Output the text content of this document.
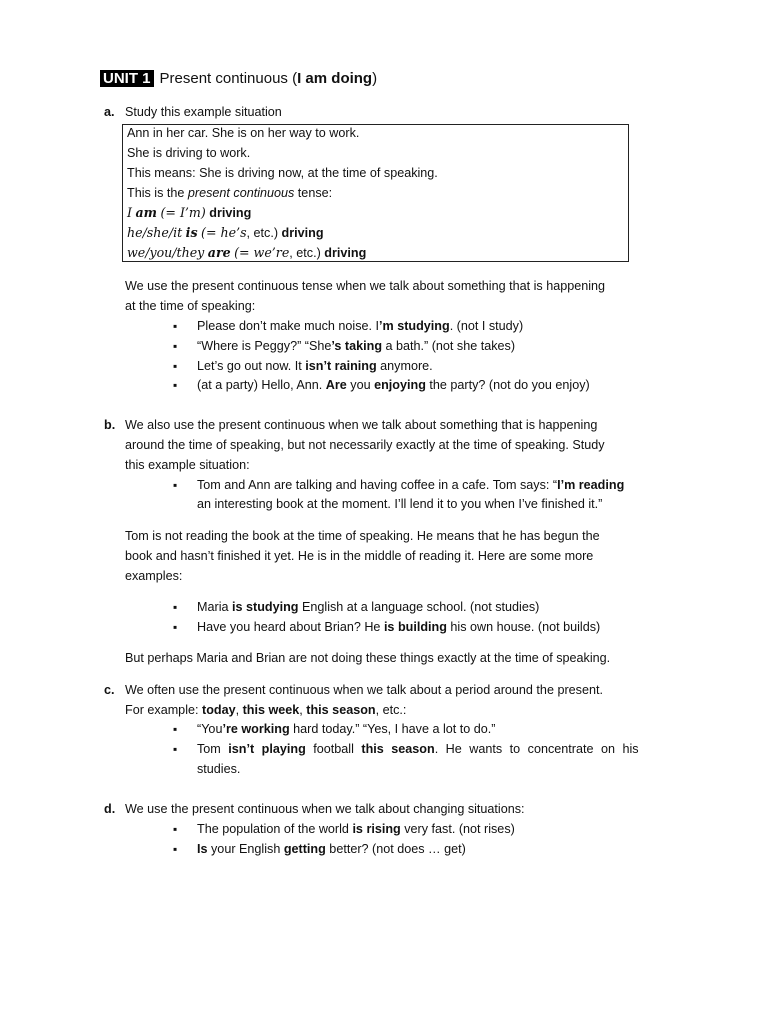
UNIT 1 Present continuous (I am doing)
a. Study this example situation
Ann in her car. She is on her way to work.
She is driving to work.
This means: She is driving now, at the time of speaking.
This is the present continuous tense:
I am (= I’m) driving
he/she/it is (= he’s, etc.) driving
we/you/they are (= we’re, etc.) driving
We use the present continuous tense when we talk about something that is happening
at the time of speaking:
▪ Please don’t make much noise. I’m studying. (not I study)
▪ “Where is Peggy?” “She’s taking a bath.” (not she takes)
▪ Let’s go out now. It isn’t raining anymore.
▪ (at a party) Hello, Ann. Are you enjoying the party? (not do you enjoy)
b. We also use the present continuous when we talk about something that is happening
around the time of speaking, but not necessarily exactly at the time of speaking. Study
this example situation:
▪ Tom and Ann are talking and having coffee in a cafe. Tom says: “I’m reading
an interesting book at the moment. I’ll lend it to you when I’ve finished it.”
Tom is not reading the book at the time of speaking. He means that he has begun the
book and hasn’t finished it yet. He is in the middle of reading it. Here are some more
examples:
▪ Maria is studying English at a language school. (not studies)
▪ Have you heard about Brian? He is building his own house. (not builds)
But perhaps Maria and Brian are not doing these things exactly at the time of speaking.
c. We often use the present continuous when we talk about a period around the present.
For example: today, this week, this season, etc.:
▪ “You’re working hard today.” “Yes, I have a lot to do.”
▪ Tom isn’t playing football this season. He wants to concentrate on his
studies.
d. We use the present continuous when we talk about changing situations:
▪ The population of the world is rising very fast. (not rises)
▪ Is your English getting better? (not does … get)
